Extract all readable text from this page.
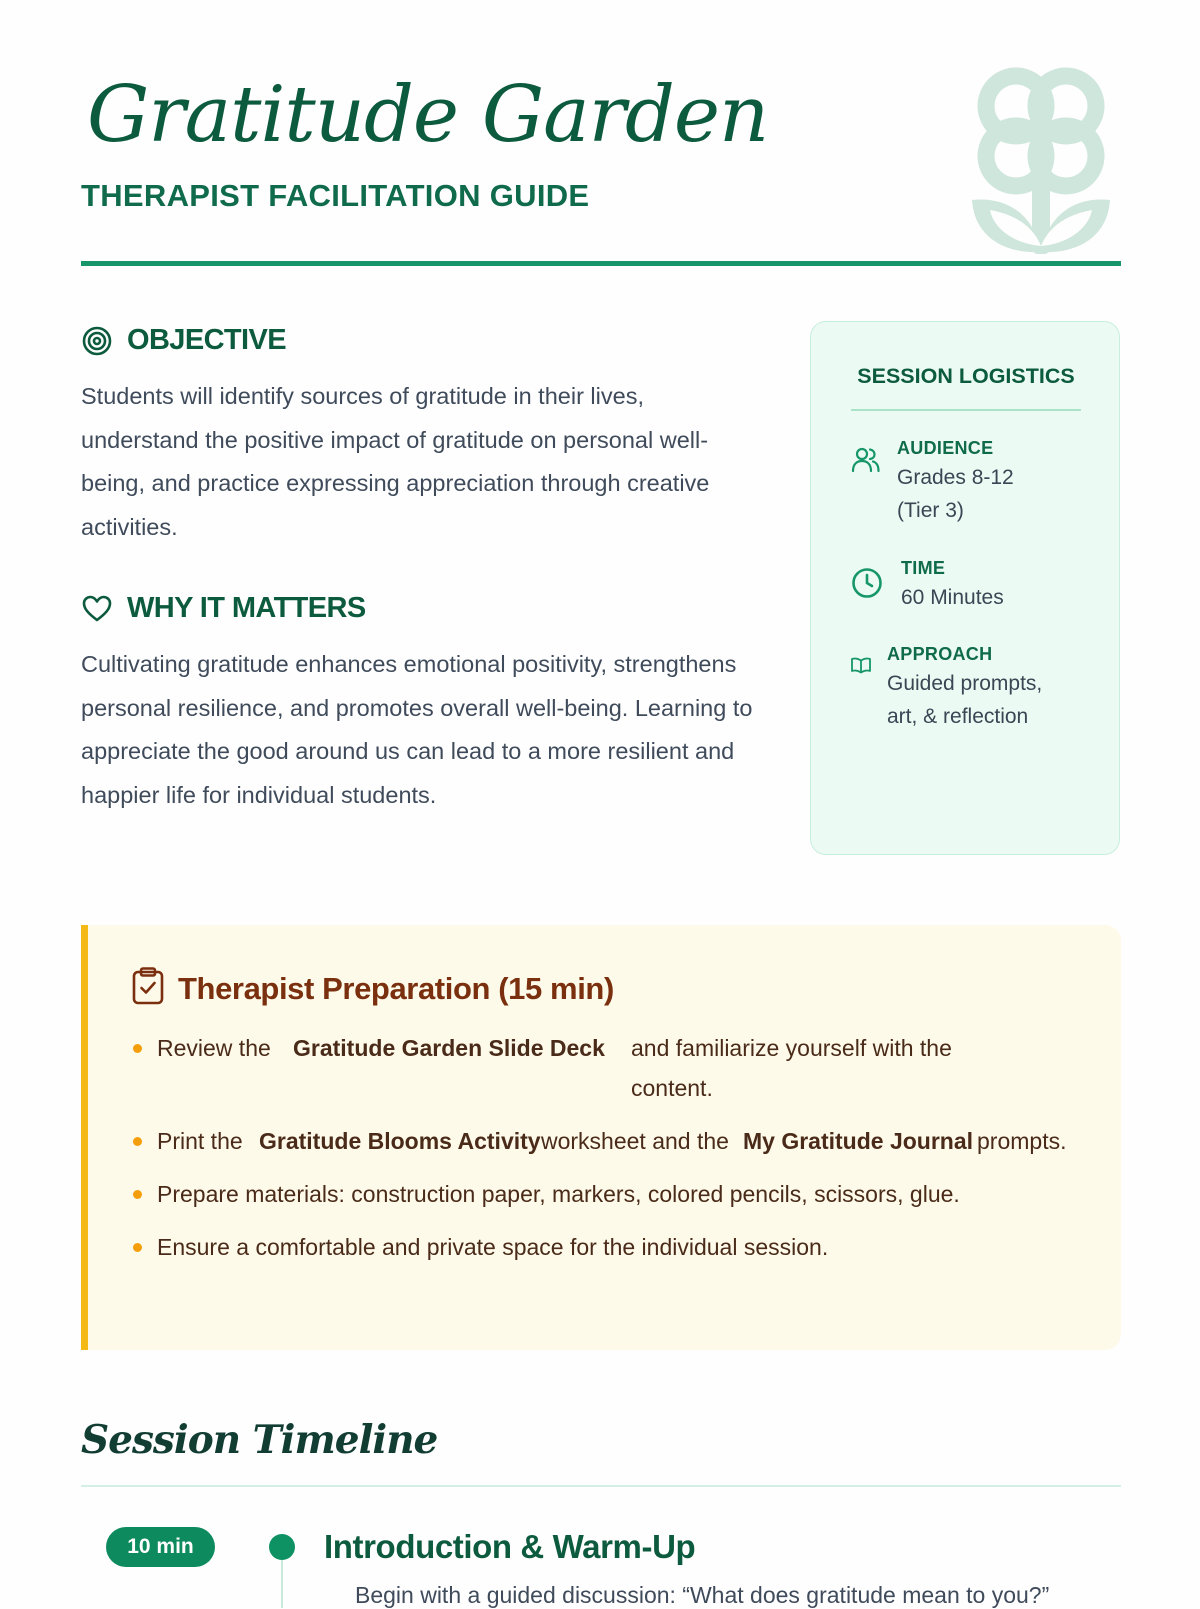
Gratitude Garden
THERAPIST FACILITATION GUIDE
OBJECTIVE

Students will identify sources of gratitude in their lives, understand the positive impact of gratitude on personal well-being, and practice expressing appreciation through creative activities.

WHY IT MATTERS

Cultivating gratitude enhances emotional positivity, strengthens personal resilience, and promotes overall well-being. Learning to appreciate the good around us can lead to a more resilient and happier life for individual students.

SESSION LOGISTICS
AUDIENCE
Grades 8-12
(Tier 3)
TIME
60 Minutes
APPROACH
Guided prompts,
art, & reflection
Therapist Preparation (15 min)
Review the Gratitude Garden Slide Deck	and familiarize yourself with the content.
Print the Gratitude Blooms Activity worksheet and the My Gratitude Journal prompts.
Prepare materials: construction paper, markers, colored pencils, scissors, glue.
Ensure a comfortable and private space for the individual session.
Session Timeline
10 min	Introduction & Warm-Up
Begin with a guided discussion: “What does gratitude mean to you?”
